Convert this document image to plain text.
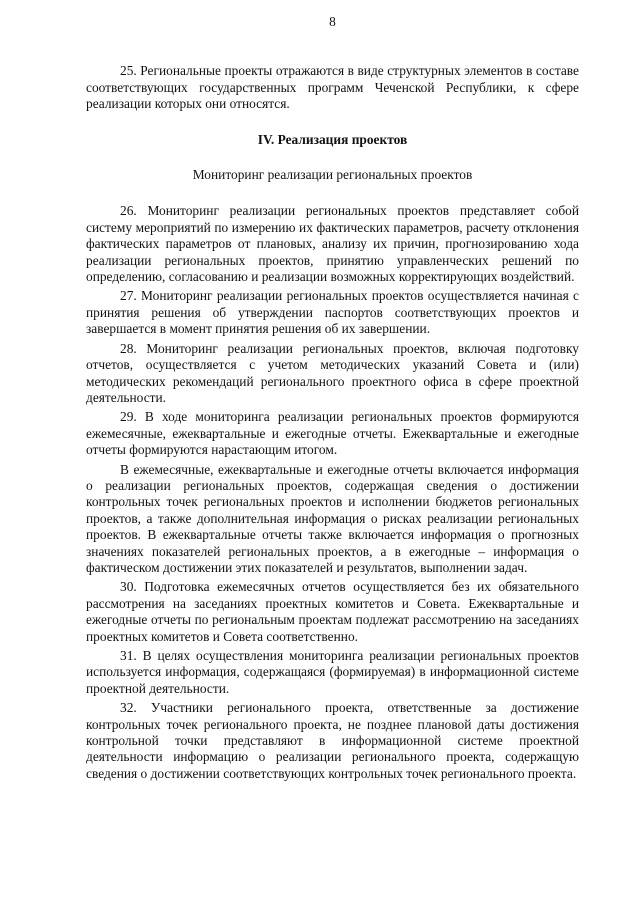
8

25. Региональные проекты отражаются в виде структурных элементов в составе соответствующих государственных программ Чеченской Республики, к сфере реализации которых они относятся.

IV. Реализация проектов
Мониторинг реализации региональных проектов

26. Мониторинг реализации региональных проектов представляет собой систему мероприятий по измерению их фактических параметров, расчету отклонения фактических параметров от плановых, анализу их причин, прогнозированию хода реализации региональных проектов, принятию управленческих решений по определению, согласованию и реализации возможных корректирующих воздействий.

27. Мониторинг реализации региональных проектов осуществляется начиная с принятия решения об утверждении паспортов соответствующих проектов и завершается в момент принятия решения об их завершении.

28. Мониторинг реализации региональных проектов, включая подготовку отчетов, осуществляется с учетом методических указаний Совета и (или) методических рекомендаций регионального проектного офиса в сфере проектной деятельности.

29. В ходе мониторинга реализации региональных проектов формируются ежемесячные, ежеквартальные и ежегодные отчеты. Ежеквартальные и ежегодные отчеты формируются нарастающим итогом.

В ежемесячные, ежеквартальные и ежегодные отчеты включается информация о реализации региональных проектов, содержащая сведения о достижении контрольных точек региональных проектов и исполнении бюджетов региональных проектов, а также дополнительная информация о рисках реализации региональных проектов. В ежеквартальные отчеты также включается информация о прогнозных значениях показателей региональных проектов, а в ежегодные – информация о фактическом достижении этих показателей и результатов, выполнении задач.

30. Подготовка ежемесячных отчетов осуществляется без их обязательного рассмотрения на заседаниях проектных комитетов и Совета. Ежеквартальные и ежегодные отчеты по региональным проектам подлежат рассмотрению на заседаниях проектных комитетов и Совета соответственно.

31. В целях осуществления мониторинга реализации региональных проектов используется информация, содержащаяся (формируемая) в информационной системе проектной деятельности.

32. Участники регионального проекта, ответственные за достижение контрольных точек регионального проекта, не позднее плановой даты достижения контрольной точки представляют в информационной системе проектной деятельности информацию о реализации регионального проекта, содержащую сведения о достижении соответствующих контрольных точек регионального проекта.
